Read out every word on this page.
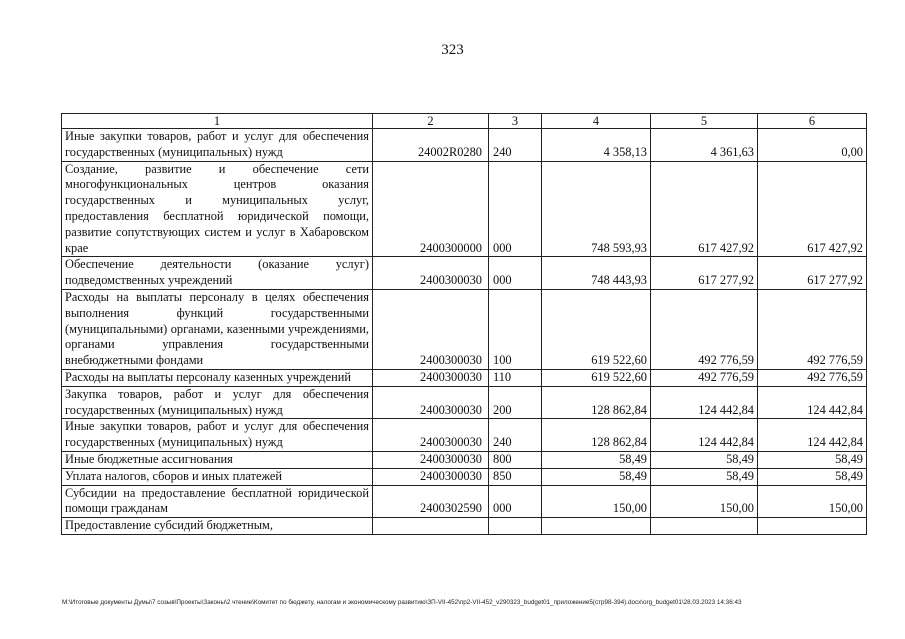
323
1	2	3	4	5	6
Иные закупки товаров, работ и услуг для обеспечения государственных (муниципальных) нужд	24002R0280	240	4 358,13	4 361,63	0,00
Создание, развитие и обеспечение сети многофункциональных центров оказания государственных и муниципальных услуг, предоставления бесплатной юридической помощи, развитие сопутствующих систем и услуг в Хабаровском крае	2400300000	000	748 593,93	617 427,92	617 427,92
Обеспечение деятельности (оказание услуг) подведомственных учреждений	2400300030	000	748 443,93	617 277,92	617 277,92
Расходы на выплаты персоналу в целях обеспечения выполнения функций государственными (муниципальными) органами, казенными учреждениями, органами управления государственными внебюджетными фондами	2400300030	100	619 522,60	492 776,59	492 776,59
Расходы на выплаты персоналу казенных учреждений	2400300030	110	619 522,60	492 776,59	492 776,59
Закупка товаров, работ и услуг для обеспечения государственных (муниципальных) нужд	2400300030	200	128 862,84	124 442,84	124 442,84
Иные закупки товаров, работ и услуг для обеспечения государственных (муниципальных) нужд	2400300030	240	128 862,84	124 442,84	124 442,84
Иные бюджетные ассигнования	2400300030	800	58,49	58,49	58,49
Уплата налогов, сборов и иных платежей	2400300030	850	58,49	58,49	58,49
Субсидии на предоставление бесплатной юридической помощи гражданам	2400302590	000	150,00	150,00	150,00
Предоставление субсидий бюджетным,					
M:\Итоговые документы Думы\7 созыв\Проекты\Законы\2 чтение\Комитет по бюджету, налогам и экономическому развитию\ЗП-VII-452\пр2-VII-452_v290323_budget01_приложение5(стр98-394).docx\org_budget01\28.03.2023 14:36:43
